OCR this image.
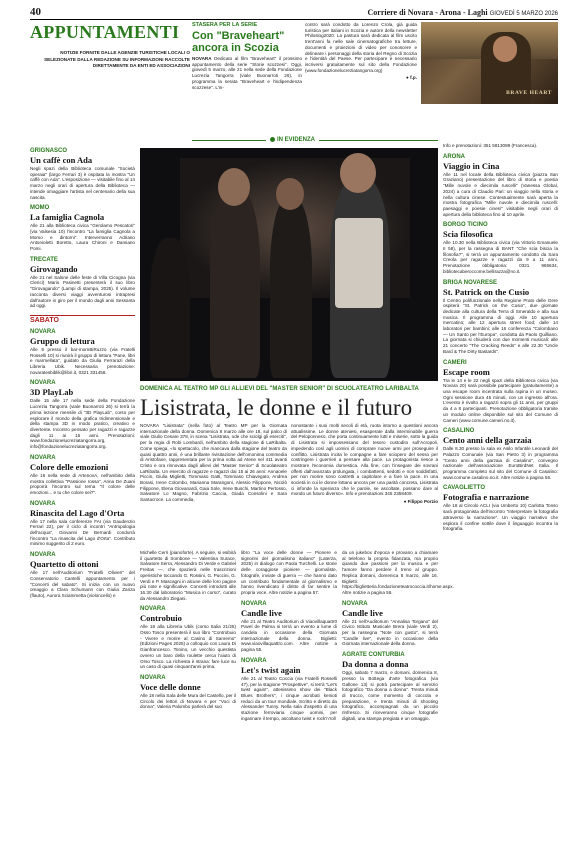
40	Corriere di Novara - Arona - Laghi GIOVEDÌ 5 MARZO 2026
APPUNTAMENTI
NOTIZIE FORNITE DALLE AGENZIE TURISTICHE LOCALI O SELEZIONATE DALLA REDAZIONE SU INFORMAZIONI RACCOLTE DIRETTAMENTE DA ENTI ED ASSOCIAZIONI
STASERA PER LA SERIE
Con "Braveheart" ancora in Scozia
NOVARA Dedicato al film "Braveheart" il prossimo appuntamento della serie "Storie scozzesi". Oggi, giovedì 5 marzo, alle 21 nella sede della Fondazione Lucrezia Tangorra (viale Buonarroti 26), in programma la serata "Braveheart e l'indipendenza scozzese". L'in-
contro sarà condotto da Lorenzo Crola, già guida turistica per italiani in Scozia e autore della newsletter Philoslog2020. La pastura sarà dedicata al film uscito trent'anni fa nelle sale cinematografiche tra letture, documenti e proiezioni di video per conoscere e delineare i personaggi della storia del Regno di Scozia e l'identità del Paese. Per partecipare è necessario iscriversi gratuitamente sul sito della Fondazione (www.fondazionelucreziatangorra.org)
● f.p.
BRAVE HEART
GRIGNASCO
Un caffè con Ada
Negli spazi della Biblioteca comunale "Società operaia" (largo Ferrari 3) è ospitata la mostra "Un caffè con Ada". L'esposizione — visitabile fino al 14 marzo negli orari di apertura della Biblioteca — intende omaggiare l'artista nel centenario della sua nascita.
MOMO
La famiglia Cagnola
Alle 21 alla Biblioteca civica "Gerolamo Pescatori" (via Valsesia 10) l'incontro "La famiglia Cagnola a Momo e dintorni". Interverranno Adriano Antonioletti Boretto, Laura Chironi e Damiano Pomi.
TRECATE
Girovagando
Alle 21 nel Salone delle feste di Villa Cicogna (via Clerici) Mario Pasinetti presenterà il suo libro "Girovagando" (Lampi di stampa, 2025). Il volume racconta diversi viaggi avventurosi intrapresi dall'autore in giro per il mondo dagli anni Sessanta ad oggi.
SABATO
NOVARA
Gruppo di lettura
Alle 9 presso il bar-mornBiRuzzo (via Fratelli Rosselli 10) si riunirà il gruppo di lettura "Pane, libri e marmellata", guidato da Giulia Ferrarazi della Libreria Ubik. Necessaria prenotazione: novaratesbiblik@libri.it, 0321 331458.
NOVARA
3D PlayLab
Dalle 15 alle 17 nella sede della Fondazione Lucrezia Tangorra (viale Buonarroti 26) si terrà la prima lezione mensile di "3D PlayLab", corso per esplorare il mondo della grafica tridimensionale e della stampa 3D in modo pratico, creativo e divertente. Incontro pensato per ragazzi e ragazze dagli 11 ai 15 anni. Prenotazioni: www.fondazionelucreziatangorra.org, info@fondazionelucreziatangorra.org.
NOVARA
Colore delle emozioni
Alle 16 nella sede di ArtenovA, nell'ambito della mostra collettiva "Passione rossa", Anna De Zuani proporrà l'incontro sul tema "Il colore delle emozioni... e tu che colore sei?".
NOVARA
Rinascita del Lago d'Orta
Alle 17 nella sala conferenze FAI (via Gaudenzio Ferrari 22), per il ciclo di incontri "Antropologia dell'acqua", Giovanni De Bernardi condurrà l'incontro "La rinascita del Lago d'Orta". Contributo minimo suggerito di 2 euro.
NOVARA
Quartetto di ottoni
Alle 17 nell'Auditorium "Fratelli Olivieri" del Conservatorio Cantelli appuntamento per i "Concerti del sabato". Si inizia con un nuovo omaggio a Clara Schumann con Giulia Zanza (flauto), Aurora Sciammetta (violoncello) e
IN EVIDENZA
DOMENICA AL TEATRO MP GLI ALLIEVI DEL "MASTER SENIOR" DI SCUOLATEATRO LARIBALTA
Lisistrata, le donne e il futuro
NOVARA "Lisistrata" (nella foto) al Teatro MP per la Giornata internazionale della donna. Domenica 8 marzo alle ore 18, sul palco di viale Giulio Cesare 378, in scena "Lisistrata, ode che sciolgi gli eserciti", per la regia di Robi Lombardi, nell'ambito della stagione di LaRibalta. Come spiega, «lo spettacolo, che mancava dalla stagione del teatro da quasi quattro anni, è una brillante rivisitazione dell'omonima commedia di Aristofane, rappresentata per la prima volta ad Atene nel 411 avanti Cristo e ora rinnovata dagli allievi del "Master Senior" di Scuolateatro LaRibalta. Un esercito di ragazze e ragazzi dai 15 ai 26 anni: Annaoele Piccin, Giulia Miglietti, Tommaso Gatti, Tommaso Chiavegato, Andrea Borasi, Irene Colombo, Marianna Marangoni, Alessio Filippone, Nicolò Filippone, Elena Giovanardi, Gaia Sole, Irene Buschi, Martino Pertosso, Salvatore Lo Magno, Fabrizio Caccia, Giada Consolini e Sara Santacroce. La commedia,
nonostante i suoi molti secoli di età, ruota intorno a questioni ancora attualissime. Le donne ateniesi, esasperate dalla interminabile guerra del Peloponneso, che porta continuamente lutti e miserie, sotto la guida di Lisistrata si impossessano del tesoro custodito sull'Acropoli, impedendo così agli uomini di comprare nuove armi per proseguire il conflitto. Lisistrata incita le compagne a fare sciopero del sesso per costringere i guerrieri a pensare alla pace. La protagonista riesce a mostrare l'economia domestica. Alla fine, con l'insegare dei sovrani offerti dall'avanzata prolungata, i combattenti, sedotti e non soddisfatti, per non morire sono costretti a capitolare e a fare la pace. In una società in cui le donne lottano ancora per una parità concreta, Lisistrata ci infonde la speranza che le parole, se ascoltate, possano dare al mondo un futuro diverso». Info e prenotazioni 345 2358409.
● Filippo Porzio
Michelle Cerri (pianoforte). A seguire, si esibirà il quartetto di trombone — Valentina Surace, Salvatore Serra, Alessandro Di Verde e Gabriel Freitas —, che spazierà nelle trascrizioni operistiche toccando G. Rossini, G. Puccini, G. Verdi e P. Mascagni in alcune delle loro pagine più note e significative. Concerti introdotti alle 16.30 dal laboratorio "Musica in corso", curato da Alessandro Ziegani.
NOVARA
Controbuio
Alle 18 alla Libreria Ubik (corso Italia 21/25) Osso Tosco presenterà il suo libro "Controbuio - Vivere e morire al Casino di Sanremo" (Edizioni Pages 2025) a colloquio con Laura Di Gianfrancesco. Tonino, un vecchio questista ovvero un baro della roulette cerca l'aiuto di Orso Tosco. La richiesta è strana: fare luce su un caso di quasi cinquant'anni prima.
NOVARA
Voce delle donne
Alle 18 nella Sala delle Mura del Castello, per il Circolo dei lettori di Novara e per "Voci di donna", Valeria Palumbo parlerà del suo
libro "La voce delle donne — Pionere e signorini del giornalismo italiano" (Laterza, 2025) in dialogo con Paola Turchelli. Le storie delle coraggiose pioniere — giornaliste, fotografe, inviate di guerra — che hanno dato un contributo fondamentale al giornalismo e hanno rivendicato il diritto di far sentire la propria voce. Altre notizie a pagina 57.
NOVARA
Candle live
Alle 21 al Teatro Auditorium di Viaovillaquattr0 Pavel de Palma si terrà un evento a lume di candela in occasione della Giornata internazionale della donna. Biglietti: www.viaovillaquattro.com. Altre notizie a pagina 55.
NOVARA
Let's twist again
Alle 21 al Teatro Coccia (via Fratelli Rosselli 47), per la stagione "Prospettive", si terrà "Let's twist again!", attesissimo show dei "Black Blues Brothers", i cinque acrobati kenioti reduci da un tour mondiale. Scritto e diretto da Alessander Tunny. Nella sala d'aspetto di una stazione ferroviaria cinque uomini, per ingannare il tempo, ascoltano twist e rock'n'roll
da un jukebox d'epoca e provano a chiamare al telefono la propria fidanzata, ma proprio quando due passioni per la musica e per l'amore fanno perdere il treno al gruppo. Replica domani, domenica 8 marzo, alle 16. Biglietti: https://biglietteria.fondazioneteatrococcia.it/home.aspx. Altre notizie a pagina 56.
NOVARA
Candle live
Alle 21 nell'Auditorium "Annalisa Torgano" del Civico Istituto Musicale Brera (viale Verdi 2), per la rassegna "Note con gusto", si terrà "Candle live", evento in occasione della Giornata internazionale della donna.
AGRATE CONTURBIA
Da donna a donna
Oggi, sabato 7 marzo, e domani, domenica 8, presso la Bottega d'arte fotografica (via Gallone 13) si potrà partecipare al servizio fotografico "Da donna a donna". Trenta minuti di trucco, come momento di coccola e preparazione, e trenta minuti di shooting fotografico, accompagnati da un piccolo rinfresco. Si riceveranno cinque fotografie digitali, una stampa pregiata e un omaggio.
Info e prenotazioni: 351 5813089 (Francesca).
ARONA
Viaggio in Cina
Alle 11 nel locale della Biblioteca civica (piazza San Graziano) presentazione del libro di storia e poesia "Mille nuvole e diecimila ruscelli" (Vanessa Global, 2024) a cura di Claudio Pari: un viaggio nella storia e nella cultura cinese. Contestualmente sarà aperta la mostra fotografica "Mille nuvole e diecimila ruscelli: paesaggi e poesie cinesi" visitabile negli orari di apertura della biblioteca fino al 10 aprile.
BORGO TICINO
Scia filosofica
Alle 10.30 nella Biblioteca civica (via Vittorio Emanuele II 58), per la rassegna di BANT "Che scia biscia la filosofia?", si terrà un appuntamento condotto da Sara Creola per ragazze e ragazzi da 9 a 11 anni. Prenotazione obbligatoria: 0321 965634, bibliotecaberoccome.bellirazza@no.it.
BRIGA NOVARESE
St. Patrick on the Cusio
Il Centro polifunzionale nella Regione Prato delle Gere ospiterà "St. Patrick on the Cusio", due giornate dedicate alla cultura della Terra di Smeraldo e alla sua musica. Il programma di oggi. Alle 10 apertura mercatino; alle 12 apertura street food; dalle 14 laboratori per bambini; alle 16 conferenza "Colombano — Un Santo per l'Europa", condotta da Paolo Quilliano. La giornata si chiuderà con due momenti musicali: alle 21 concerto "The Cracking Reeds" e alle 22.30 "Uncle Bard & The Dirty Bastards".
CAMERI
Escape room
Tra le 14 e le 22 negli spazi della Biblioteca civica (via Novara 20) sarà possibile partecipare (gratuitamente) a una escape room incentrata sulla rapina in un museo. Ogni sessione dura 45 minuti, con un ingresso all'ora. L'evento è rivolto a ragazzi sopra gli 11 anni, per gruppi da 4 a 8 partecipanti. Prenotazione obbligatoria tramite un modulo online disponibile sul sito del Comune di Cameri (www.comune.cameri.no.it).
CASALINO
Cento anni della garzaia
Dalle 8.30 presso la sala ex Asilo Infantile Leonardi del Palazzo Comunale (via San Pietro 3) in programma "Cento anni della garzaia di Casalino", convegno nazionale dell'associazione EuroBirdNet Italia. Il programma completo sul sito del Comune di Casalino: www.comune.casalino.no.it. Altre notizie a pagina 55.
CAVAGLIETTO
Fotografia e narrazione
Alle 18 al Circolo ACLI (via Umberto 10) Carlotta Tonso sarà protagonista dell'incontro "Interpretare la fotografia attraverso la narrazione". Un viaggio narrativo che esplora il confine sottile dove il linguaggio incontra la fotografia.
